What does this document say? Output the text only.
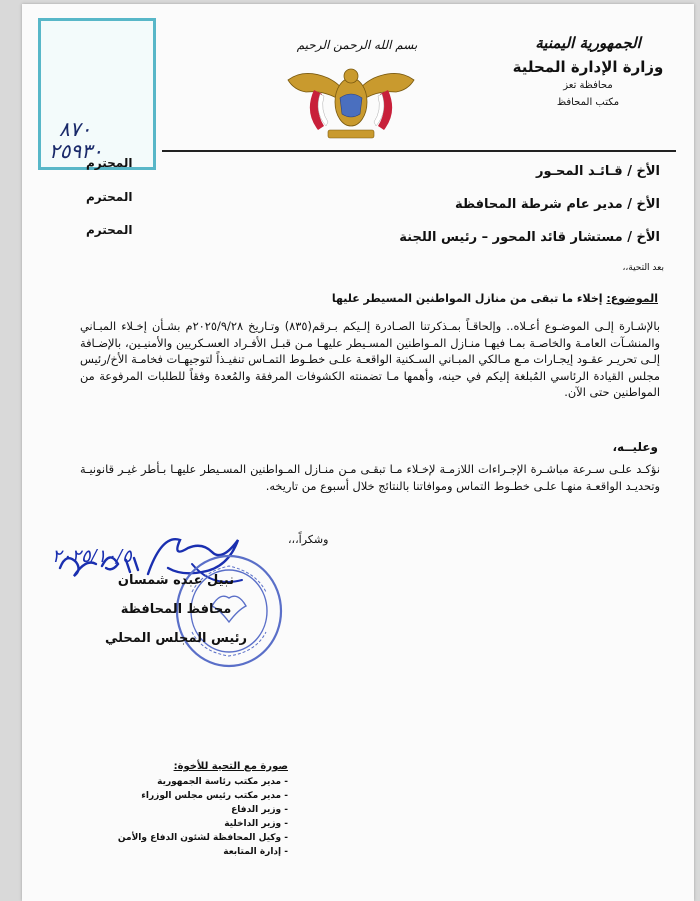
٨٧٠
٢٥٩٣٠
بسم الله الرحمن الرحيم	الجمهورية اليمنية
وزارة الإدارة المحلية
محافظة تعز
مكتب المحافظ
الأخ / قـائـد المحـور
المحترم
الأخ / مدير عام شرطة المحافظة
المحترم
الأخ / مستشار قائد المحور – رئيس اللجنة
المحترم
بعد التحية،،
الموضوع: إخلاء ما تبقى من منازل المواطنين المسيطر عليها

بالإشـارة إلـى الموضـوع أعـلاه.. وإلحاقـاً بمـذكرتنا الصـادرة إلـيكم بـرقم(٨٣٥) وتـاريخ ٢٠٢٥/٩/٢٨م بشـأن إخـلاء المبـاني والمنشـآت العامـة والخاصـة بمـا فيهـا منـازل المـواطنين المسـيطر عليهـا مـن قبـل الأفـراد العسـكريين والأمنيـين، بالإضـافة إلـى تحريـر عقـود إيجـارات مـع مـالكي المبـاني السـكنية الواقعـة علـى خطـوط التمـاس تنفيـذاً لتوجيهـات فخامـة الأخ/رئيس مجلس القيادة الرئاسي المُبلغة إليكم في حينه، وأهمها مـا تضمنته الكشوفات المرفقة والمُعدة وفقاً للطلبات المرفوعة من المواطنين حتى الآن.

وعليــه،

نؤكـد علـى سـرعة مباشـرة الإجـراءات اللازمـة لإخـلاء مـا تبقـى مـن منـازل المـواطنين المسـيطر عليهـا بـأطر غيـر قانونيـة وتحديـد الواقعـة منهـا علـى خطـوط التماس وموافاتنا بالنتائج خلال أسبوع من تاريخه.

وشكراً،،،
٢٠٢٥/١٠/٥
نبيل عبده شمسان
محافظ المحافظة
رئيس المجلس المحلي
صورة مع التحية للأخوة:
- مدير مكتب رئاسة الجمهورية
- مدير مكتب رئيس مجلس الوزراء
- وزير الدفاع
- وزير الداخلية
- وكيل المحافظة لشئون الدفاع والأمن
- إدارة المتابعة
